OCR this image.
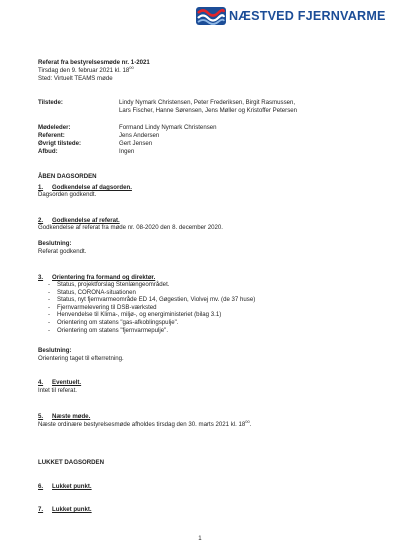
NÆSTVED FJERNVARME
Referat fra bestyrelsesmøde nr. 1-2021
Tirsdag den 9. februar 2021 kl. $18^{00}$
Sted: Virtuelt TEAMS møde
Tilstede:	Lindy Nymark Christensen, Peter Frederiksen, Birgit Rasmussen,
Lars Fischer, Hanne Sørensen, Jens Møller og Kristoffer Petersen
Mødeleder:	Formand Lindy Nymark Christensen
Referent:	Jens Andersen
Øvrigt tilstede:	Gert Jensen
Afbud:	Ingen
ÅBEN DAGSORDEN
1. Godkendelse af dagsorden.
Dagsorden godkendt.
2. Godkendelse af referat.
Godkendelse af referat fra møde nr. 08-2020 den 8. december 2020.
Beslutning:
Referat godkendt.
3. Orientering fra formand og direktør.
- Status, projektforslag Stenlængeområdet.
- Status, CORONA-situationen
- Status, nyt fjernvarmeområde ED 14, Gøgestien, Violvej mv. (de 37 huse)
- Fjernvarmelevering til DSB-værksted
- Henvendelse til Klima-, miljø-, og energiministeriet (bilag 3.1)
- Orientering om statens "gas-afkoblingspulje".
- Orientering om statens "fjernvarmepulje".
Beslutning:
Orientering taget til efterretning.
4. Eventuelt.
Intet til referat.
5. Næste møde.
Næste ordinære bestyrelsesmøde afholdes tirsdag den 30. marts 2021 kl. $18^{00}$.
LUKKET DAGSORDEN
6. Lukket punkt.
7. Lukket punkt.
1
